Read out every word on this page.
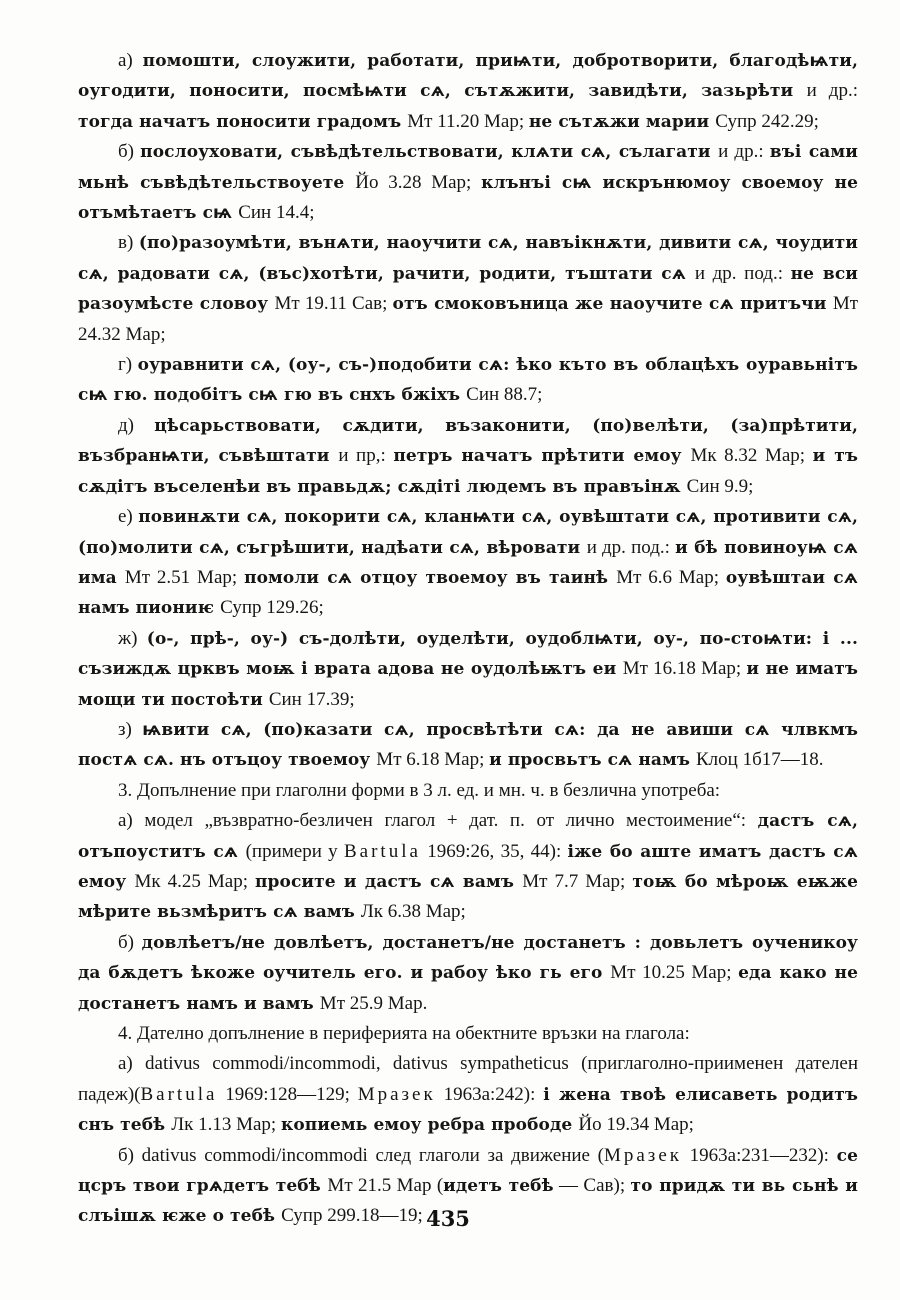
а) помошти, слоужити, работати, приѩти, добротворити, благодѣѩти, оугодити, поносити, посмѣѩти сѧ, сътѫжити, завидѣти, зазьрѣти и др.: тогда начатъ поносити градомъ Мт 11.20 Мар; не сътѫжи марии Супр 242.29;

б) послоуховати, съвѣдѣтельствовати, клѧти сѧ, сълагати и др.: въі сами мьнѣ съвѣдѣтельствоуете Йо 3.28 Мар; клънъі сѩ искрънюмоу своемоу не отъмѣтаетъ сѩ Син 14.4;

в) (по)разоумѣти, вънѧти, наоучити сѧ, навъікнѫти, дивити сѧ, чоудити сѧ, радовати сѧ, (въс)хотѣти, рачити, родити, тъштати сѧ и др. под.: не вси разоумѣсте словоу Мт 19.11 Сав; отъ смоковъница же наоучите сѧ притъчи Мт 24.32 Мар;

г) оуравнити сѧ, (оу-, съ-)подобити сѧ: ѣко къто въ облацѣхъ оуравьнітъ сѩ гю. подобітъ сѩ гю въ снхъ бжіхъ Син 88.7;

д) цѣсарьствовати, сѫдити, възаконити, (по)велѣти, (за)прѣтити, възбранѩти, съвѣштати и пр,: петръ начатъ прѣтити емоу Мк 8.32 Мар; и тъ сѫдітъ въселенѣи въ правьдѫ; сѫдіті людемъ въ правъінѫ Син 9.9;

е) повинѫти сѧ, покорити сѧ, кланѩти сѧ, оувѣштати сѧ, противити сѧ, (по)молити сѧ, съгрѣшити, надѣати сѧ, вѣровати и др. под.: и бѣ повиноуѩ сѧ има Мт 2.51 Мар; помоли сѧ отцоу твоемоу въ таинѣ Мт 6.6 Мар; оувѣштаи сѧ намъ пиониѥ Супр 129.26;

ж) (о-, прѣ-, оу-) съ-долѣти, оуделѣти, оудоблѩти, оу-, по-стоѩти: і ... съзиждѫ црквъ моѭ і врата адова не оудолѣѭтъ еи Мт 16.18 Мар; и не иматъ мощи ти постоѣти Син 17.39;

з) ѩвити сѧ, (по)казати сѧ, просвѣтѣти сѧ: да не авиши сѧ члвкмъ постѧ сѧ. нъ отъцоу твоемоу Мт 6.18 Мар; и просвьтъ сѧ намъ Клоц 1б17—18.

3. Допълнение при глаголни форми в 3 л. ед. и мн. ч. в безлична употреба:

а) модел „възвратно-безличен глагол + дат. п. от лично местоимение“: дастъ сѧ, отъпоуститъ сѧ (примери у Bartula 1969:26, 35, 44): іже бо аште иматъ дастъ сѧ емоу Мк 4.25 Мар; просите и дастъ сѧ вамъ Мт 7.7 Мар; тоѭ бо мѣроѭ еѭже мѣрите вьзмѣритъ сѧ вамъ Лк 6.38 Мар;

б) довлѣетъ/не довлѣетъ, достанетъ/не достанетъ : довьлетъ оученикоу да бѫдетъ ѣкоже оучитель его. и рабоу ѣко гь его Мт 10.25 Мар; еда како не достанетъ намъ и вамъ Мт 25.9 Мар.

4. Дателно допълнение в периферията на обектните връзки на глагола:

а) dativus commodi/incommodi, dativus sympatheticus (приглаголно-приименен дателен падеж)(Bartula 1969:128—129; Мразек 1963а:242): і жена твоѣ елисаветь родитъ снъ тебѣ Лк 1.13 Мар; копиемь емоу ребра прободе Йо 19.34 Мар;

б) dativus commodi/incommodi след глаголи за движение (Мразек 1963а:231—232): се цсръ твои грѧдетъ тебѣ Мт 21.5 Мар (идетъ тебѣ — Сав); то придѫ ти вь сьнѣ и слъішѫ ѥже о тебѣ Супр 299.18—19; 435
